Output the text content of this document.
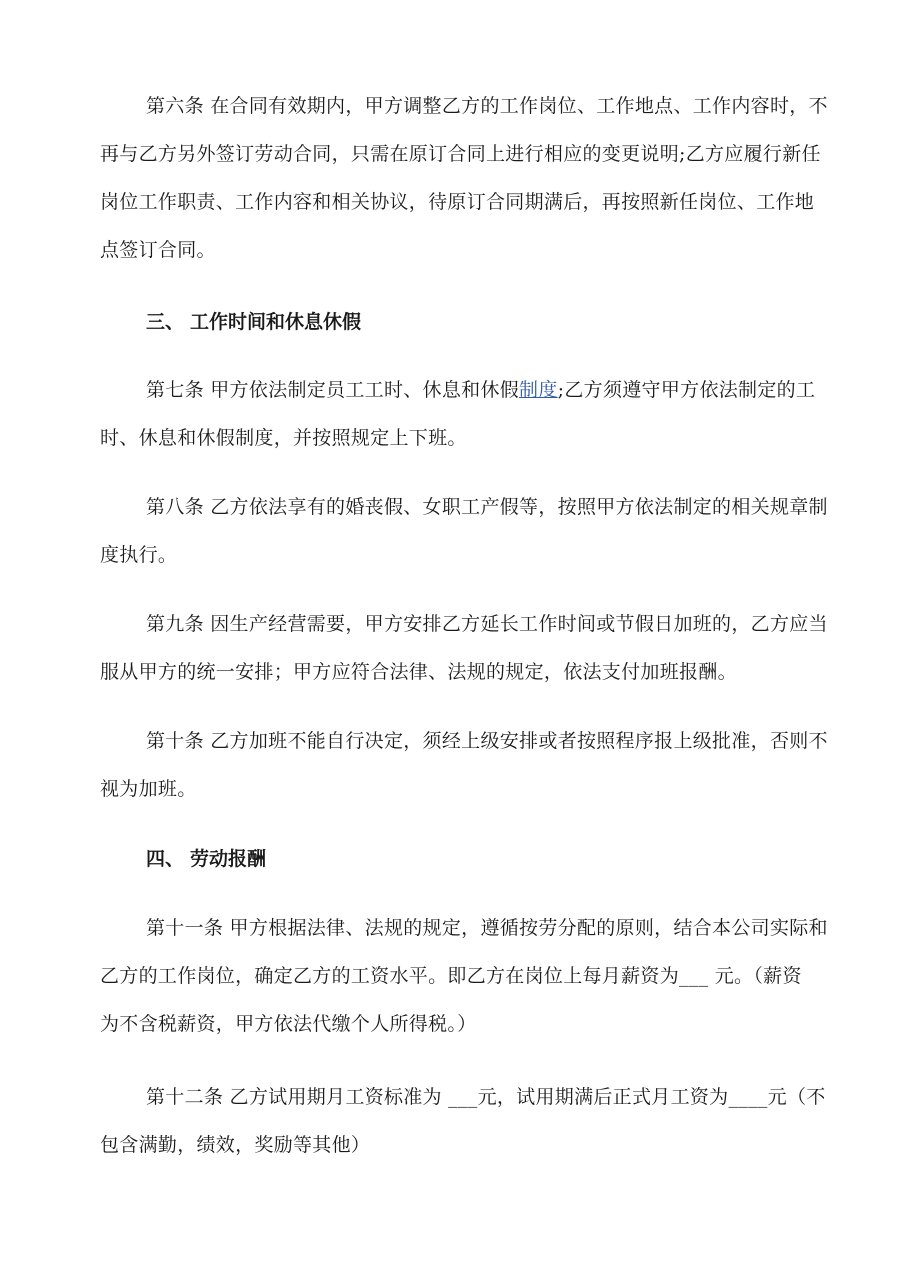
第六条 在合同有效期内，甲方调整乙方的工作岗位、工作地点、工作内容时，不
再与乙方另外签订劳动合同，只需在原订合同上进行相应的变更说明;乙方应履行新任
岗位工作职责、工作内容和相关协议，待原订合同期满后，再按照新任岗位、工作地
点签订合同。
三、 工作时间和休息休假
第七条 甲方依法制定员工工时、休息和休假制度;乙方须遵守甲方依法制定的工
时、休息和休假制度，并按照规定上下班。
第八条 乙方依法享有的婚丧假、女职工产假等，按照甲方依法制定的相关规章制
度执行。
第九条 因生产经营需要，甲方安排乙方延长工作时间或节假日加班的，乙方应当
服从甲方的统一安排；甲方应符合法律、法规的规定，依法支付加班报酬。
第十条 乙方加班不能自行决定，须经上级安排或者按照程序报上级批准，否则不
视为加班。
四、 劳动报酬
第十一条 甲方根据法律、法规的规定，遵循按劳分配的原则，结合本公司实际和
乙方的工作岗位，确定乙方的工资水平。即乙方在岗位上每月薪资为___ 元。（薪资
为不含税薪资，甲方依法代缴个人所得税。）
第十二条 乙方试用期月工资标准为 ___元，试用期满后正式月工资为____元（不
包含满勤，绩效，奖励等其他）
